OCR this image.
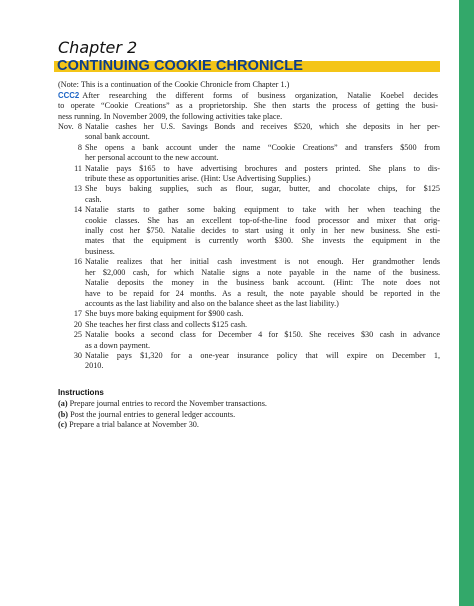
Chapter 2
CONTINUING COOKIE CHRONICLE
(Note: This is a continuation of the Cookie Chronicle from Chapter 1.)
CCC2 After researching the different forms of business organization, Natalie Koebel decides
to operate “Cookie Creations” as a proprietorship. She then starts the process of getting the busi-
ness running. In November 2009, the following activities take place.
Nov. 8 Natalie cashes her U.S. Savings Bonds and receives $520, which she deposits in her per-
sonal bank account.
8 She opens a bank account under the name “Cookie Creations” and transfers $500 from
her personal account to the new account.
11 Natalie pays $165 to have advertising brochures and posters printed. She plans to dis-
tribute these as opportunities arise. (Hint: Use Advertising Supplies.)
13 She buys baking supplies, such as flour, sugar, butter, and chocolate chips, for $125
cash.
14 Natalie starts to gather some baking equipment to take with her when teaching the
cookie classes. She has an excellent top-of-the-line food processor and mixer that orig-
inally cost her $750. Natalie decides to start using it only in her new business. She esti-
mates that the equipment is currently worth $300. She invests the equipment in the
business.
16 Natalie realizes that her initial cash investment is not enough. Her grandmother lends
her $2,000 cash, for which Natalie signs a note payable in the name of the business.
Natalie deposits the money in the business bank account. (Hint: The note does not
have to be repaid for 24 months. As a result, the note payable should be reported in the
accounts as the last liability and also on the balance sheet as the last liability.)
17 She buys more baking equipment for $900 cash.
20 She teaches her first class and collects $125 cash.
25 Natalie books a second class for December 4 for $150. She receives $30 cash in advance
as a down payment.
30 Natalie pays $1,320 for a one-year insurance policy that will expire on December 1,
2010.
Instructions
(a) Prepare journal entries to record the November transactions.
(b) Post the journal entries to general ledger accounts.
(c) Prepare a trial balance at November 30.
